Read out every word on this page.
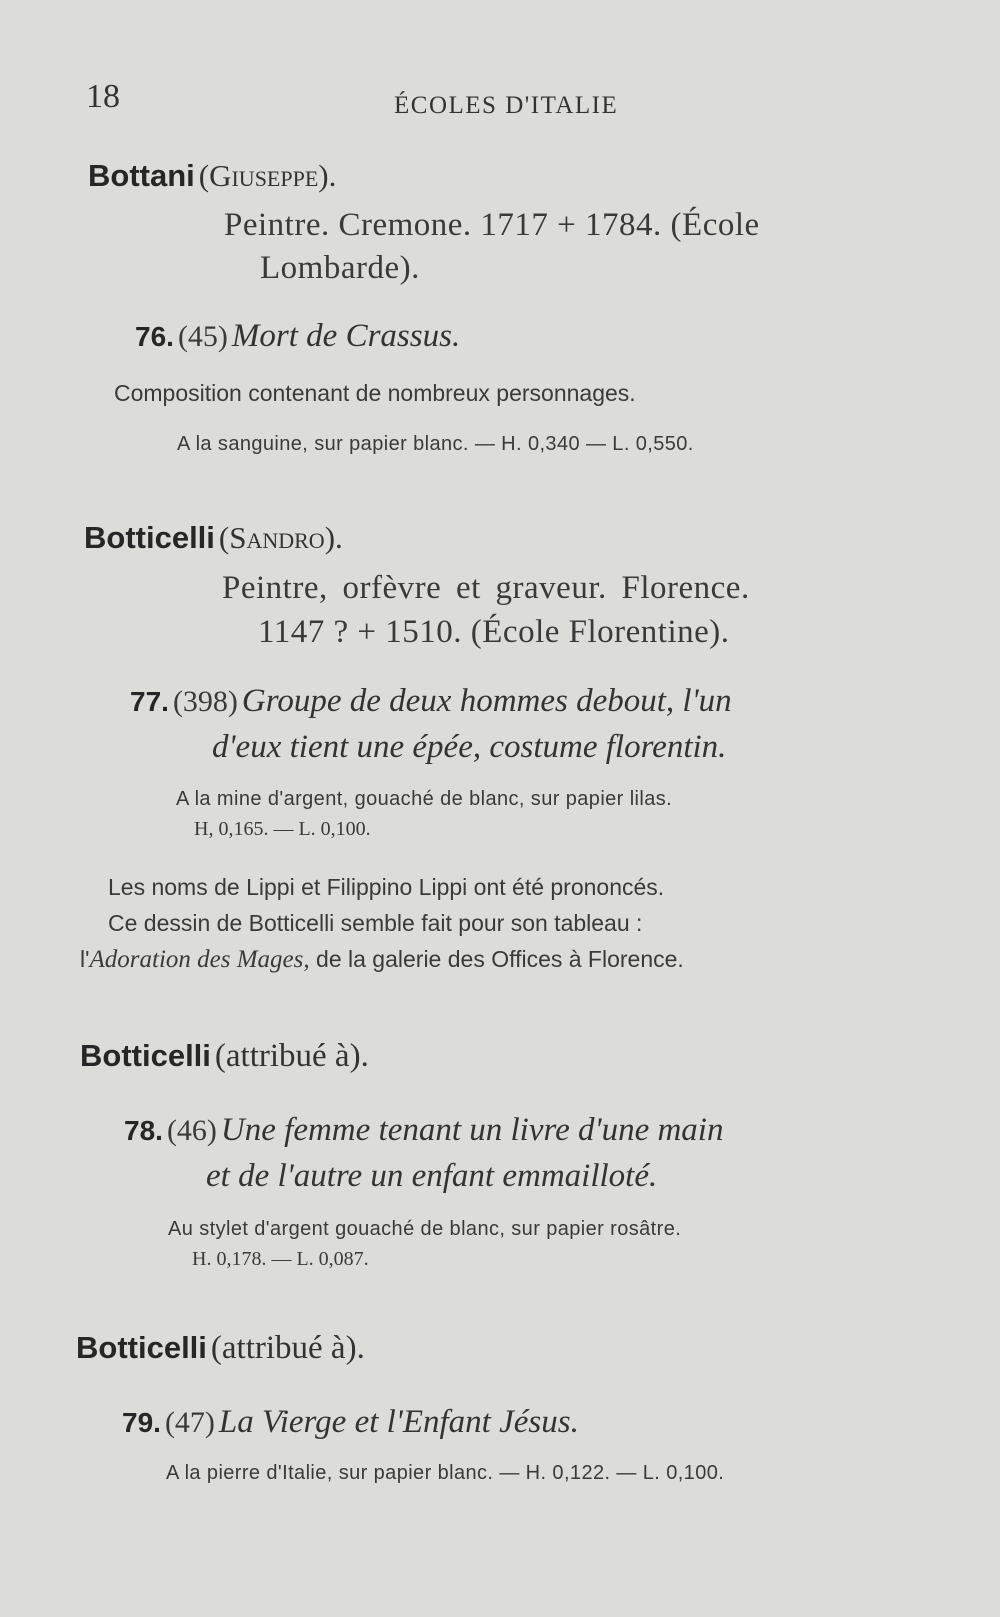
18	ÉCOLES D'ITALIE
Bottani (Giuseppe).
Peintre. Cremone. 1717 + 1784. (École
Lombarde).
76. (45) Mort de Crassus.
Composition contenant de nombreux personnages.
A la sanguine, sur papier blanc. — H. 0,340 — L. 0,550.
Botticelli (Sandro).
Peintre, orfèvre et graveur. Florence.
1147 ? + 1510. (École Florentine).
77. (398) Groupe de deux hommes debout, l'un
d'eux tient une épée, costume florentin.
A la mine d'argent, gouaché de blanc, sur papier lilas.
H, 0,165. — L. 0,100.
Les noms de Lippi et Filippino Lippi ont été prononcés.
Ce dessin de Botticelli semble fait pour son tableau :
l'Adoration des Mages, de la galerie des Offices à Florence.
Botticelli (attribué à).
78. (46) Une femme tenant un livre d'une main
et de l'autre un enfant emmailloté.
Au stylet d'argent gouaché de blanc, sur papier rosâtre.
H. 0,178. — L. 0,087.
Botticelli (attribué à).
79. (47) La Vierge et l'Enfant Jésus.
A la pierre d'Italie, sur papier blanc. — H. 0,122. — L. 0,100.
